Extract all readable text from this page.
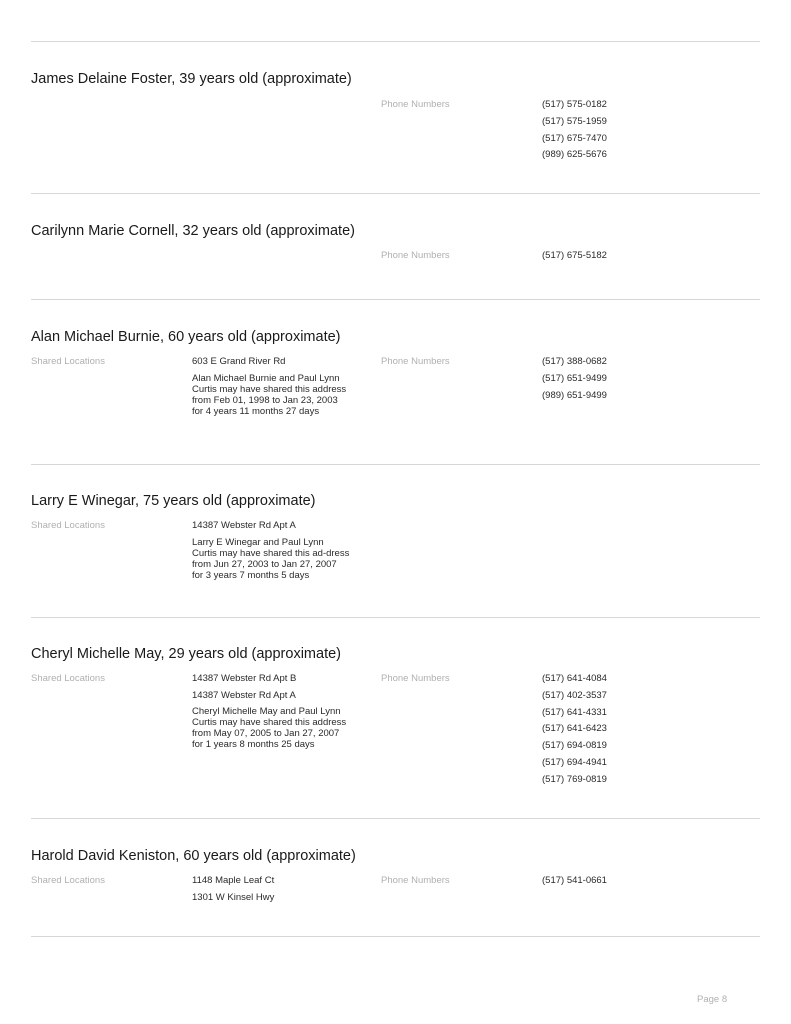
James Delaine Foster, 39 years old (approximate)
Phone Numbers	(517) 575-0182
(517) 575-1959
(517) 675-7470
(989) 625-5676
Carilynn Marie Cornell, 32 years old (approximate)
Phone Numbers	(517) 675-5182
Alan Michael Burnie, 60 years old (approximate)
Shared Locations	603 E Grand River Rd
Alan Michael Burnie and Paul Lynn Curtis may have shared this address from Feb 01, 1998 to Jan 23, 2003 for 4 years 11 months 27 days
Phone Numbers	(517) 388-0682
(517) 651-9499
(989) 651-9499
Larry E Winegar, 75 years old (approximate)
Shared Locations	14387 Webster Rd Apt A
Larry E Winegar and Paul Lynn Curtis may have shared this ad-dress from Jun 27, 2003 to Jan 27, 2007 for 3 years 7 months 5 days
Cheryl Michelle May, 29 years old (approximate)
Shared Locations	14387 Webster Rd Apt B
14387 Webster Rd Apt A
Cheryl Michelle May and Paul Lynn Curtis may have shared this address from May 07, 2005 to Jan 27, 2007 for 1 years 8 months 25 days
Phone Numbers	(517) 641-4084
(517) 402-3537
(517) 641-4331
(517) 641-6423
(517) 694-0819
(517) 694-4941
(517) 769-0819
Harold David Keniston, 60 years old (approximate)
Shared Locations	1148 Maple Leaf Ct
1301 W Kinsel Hwy
Phone Numbers	(517) 541-0661
Page 8
